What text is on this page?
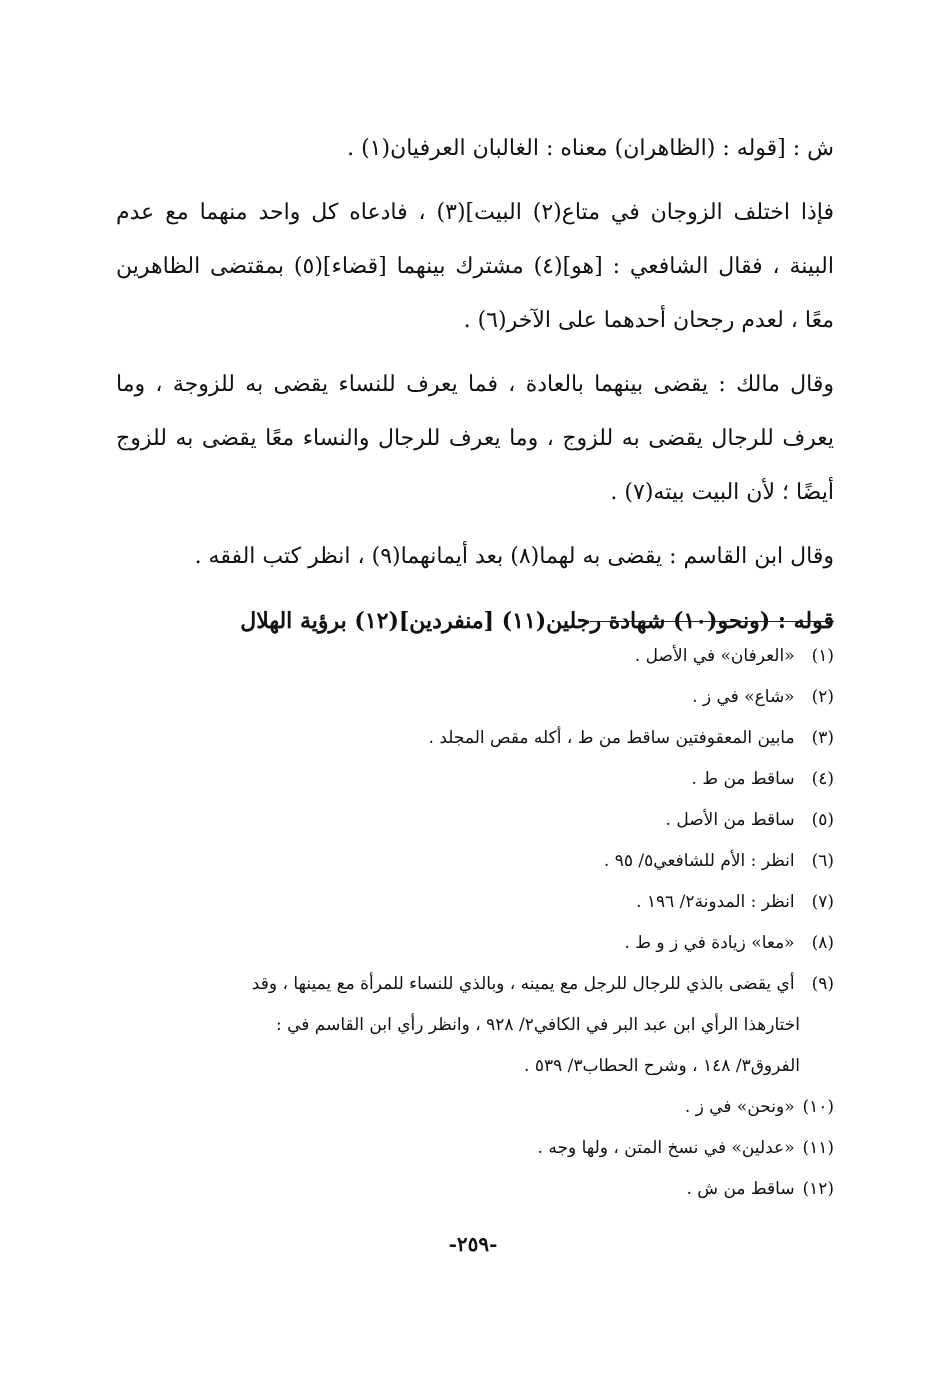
ش : [قوله : (الظاهران) معناه : الغالبان العرفيان(١) .

فإذا اختلف الزوجان في متاع(٢) البيت](٣) ، فادعاه كل واحد منهما مع عدم البينة ، فقال الشافعي : [هو](٤) مشترك بينهما [قضاء](٥) بمقتضى الظاهرين معًا ، لعدم رجحان أحدهما على الآخر(٦) .

وقال مالك : يقضى بينهما بالعادة ، فما يعرف للنساء يقضى به للزوجة ، وما يعرف للرجال يقضى به للزوج ، وما يعرف للرجال والنساء معًا يقضى به للزوج أيضًا ؛ لأن البيت بيته(٧) .

وقال ابن القاسم : يقضى به لهما(٨) بعد أيمانهما(٩) ، انظر كتب الفقه .

قوله : (ونحو(١٠) شهادة رجلين(١١) [منفردين](١٢) برؤية الهلال

(١) «العرفان» في الأصل .

(٢) «شاع» في ز .

(٣) مابين المعقوفتين ساقط من ط ، أكله مقص المجلد .

(٤) ساقط من ط .

(٥) ساقط من الأصل .

(٦) انظر : الأم للشافعي٥/ ٩٥ .

(٧) انظر : المدونة٢/ ١٩٦ .

(٨) «معا» زيادة في ز و ط .

(٩) أي يقضى بالذي للرجال للرجل مع يمينه ، وبالذي للنساء للمرأة مع يمينها ، وقد

اختارهذا الرأي ابن عبد البر في الكافي٢/ ٩٢٨ ، وانظر رأي ابن القاسم في :

الفروق٣/ ١٤٨ ، وشرح الحطاب٣/ ٥٣٩ .

(١٠) «ونحن» في ز .

(١١) «عدلين» في نسخ المتن ، ولها وجه .

(١٢) ساقط من ش .

-٢٥٩-
